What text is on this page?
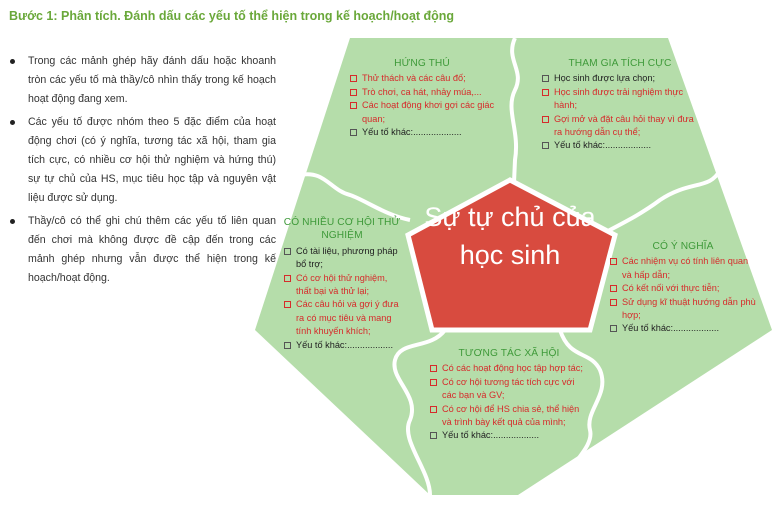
Bước 1: Phân tích. Đánh dấu các yếu tố thể hiện trong kế hoạch/hoạt động
Trong các mảnh ghép hãy đánh dấu hoặc khoanh tròn các yếu tố mà thầy/cô nhìn thấy trong kế hoạch hoạt động đang xem.
Các yếu tố được nhóm theo 5 đặc điểm của hoạt động chơi (có ý nghĩa, tương tác xã hội, tham gia tích cực, có nhiều cơ hội thử nghiệm và hứng thú) sự tự chủ của HS, mục tiêu học tập và nguyên vật liệu được sử dụng.
Thầy/cô có thể ghi chú thêm các yếu tố liên quan đến chơi mà không được đề cập đến trong các mảnh ghép nhưng vẫn được thể hiện trong kế hoạch/hoạt động.
Sự tự chủ của
học sinh
HỨNG THÚ
Thử thách và các câu đố;
Trò chơi, ca hát, nhảy múa,...
Các hoạt động khơi gợi các giác quan;
Yếu tố khác:...................
THAM GIA TÍCH CỰC
Học sinh được lựa chọn;
Học sinh được trải nghiệm thực hành;
Gợi mở và đặt câu hỏi thay vì đưa ra hướng dẫn cụ thể;
Yếu tố khác:..................
CÓ Ý NGHĨA
Các nhiệm vụ có tính liên quan và hấp dẫn;
Có kết nối với thực tiễn;
Sử dụng kĩ thuật hướng dẫn phù hợp;
Yếu tố khác:..................
TƯƠNG TÁC XÃ HỘI
Có các hoạt động học tập hợp tác;
Có cơ hội tương tác tích cực với các bạn và GV;
Có cơ hội để HS chia sẻ, thể hiện và trình bày kết quả của mình;
Yếu tố khác:..................
CÓ NHIỀU CƠ HỘI THỬ NGHIỆM
Có tài liệu, phương pháp bổ trợ;
Có cơ hội thử nghiệm, thất bại và thử lại;
Các câu hỏi và gợi ý đưa ra có mục tiêu và mang tính khuyến khích;
Yếu tố khác:..................
